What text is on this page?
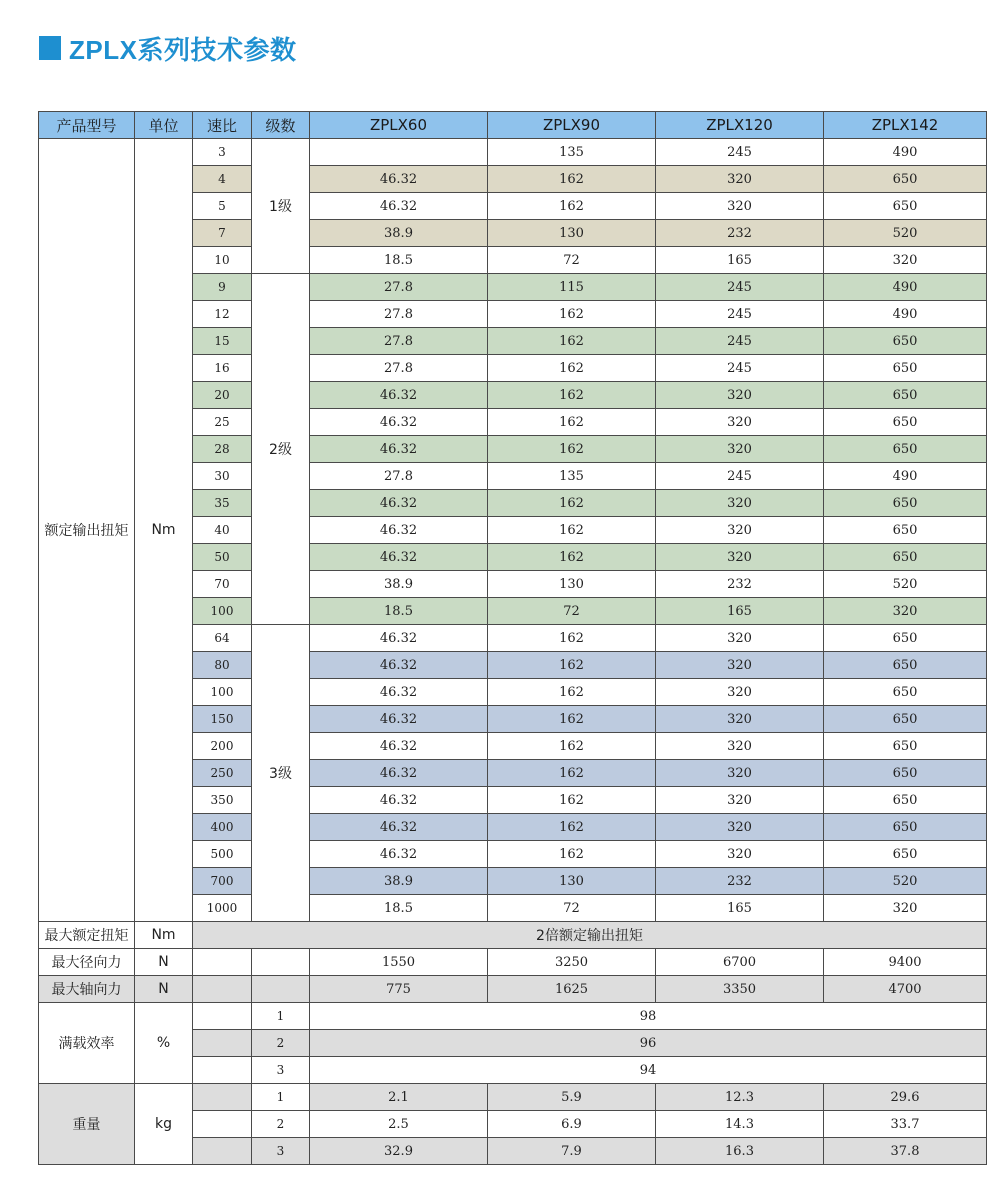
ZPLX系列技术参数
产品型号	单位	速比	级数	ZPLX60	ZPLX90	ZPLX120	ZPLX142
额定输出扭矩	Nm	3	1级		135	245	490
		4		46.32	162	320	650
		5		46.32	162	320	650
		7		38.9	130	232	520
		10		18.5	72	165	320
		9	2级	27.8	115	245	490
		12		27.8	162	245	490
		15		27.8	162	245	650
		16		27.8	162	245	650
		20		46.32	162	320	650
		25		46.32	162	320	650
		28		46.32	162	320	650
		30		27.8	135	245	490
		35		46.32	162	320	650
		40		46.32	162	320	650
		50		46.32	162	320	650
		70		38.9	130	232	520
		100		18.5	72	165	320
		64	3级	46.32	162	320	650
		80		46.32	162	320	650
		100		46.32	162	320	650
		150		46.32	162	320	650
		200		46.32	162	320	650
		250		46.32	162	320	650
		350		46.32	162	320	650
		400		46.32	162	320	650
		500		46.32	162	320	650
		700		38.9	130	232	520
		1000		18.5	72	165	320
最大额定扭矩	Nm	2倍额定输出扭矩					
最大径向力	N			1550	3250	6700	9400
最大轴向力	N			775	1625	3350	4700
满载效率	%		1	98			
			2	96			
			3	94			
重量	kg		1	2.1	5.9	12.3	29.6
			2	2.5	6.9	14.3	33.7
			3	32.9	7.9	16.3	37.8
